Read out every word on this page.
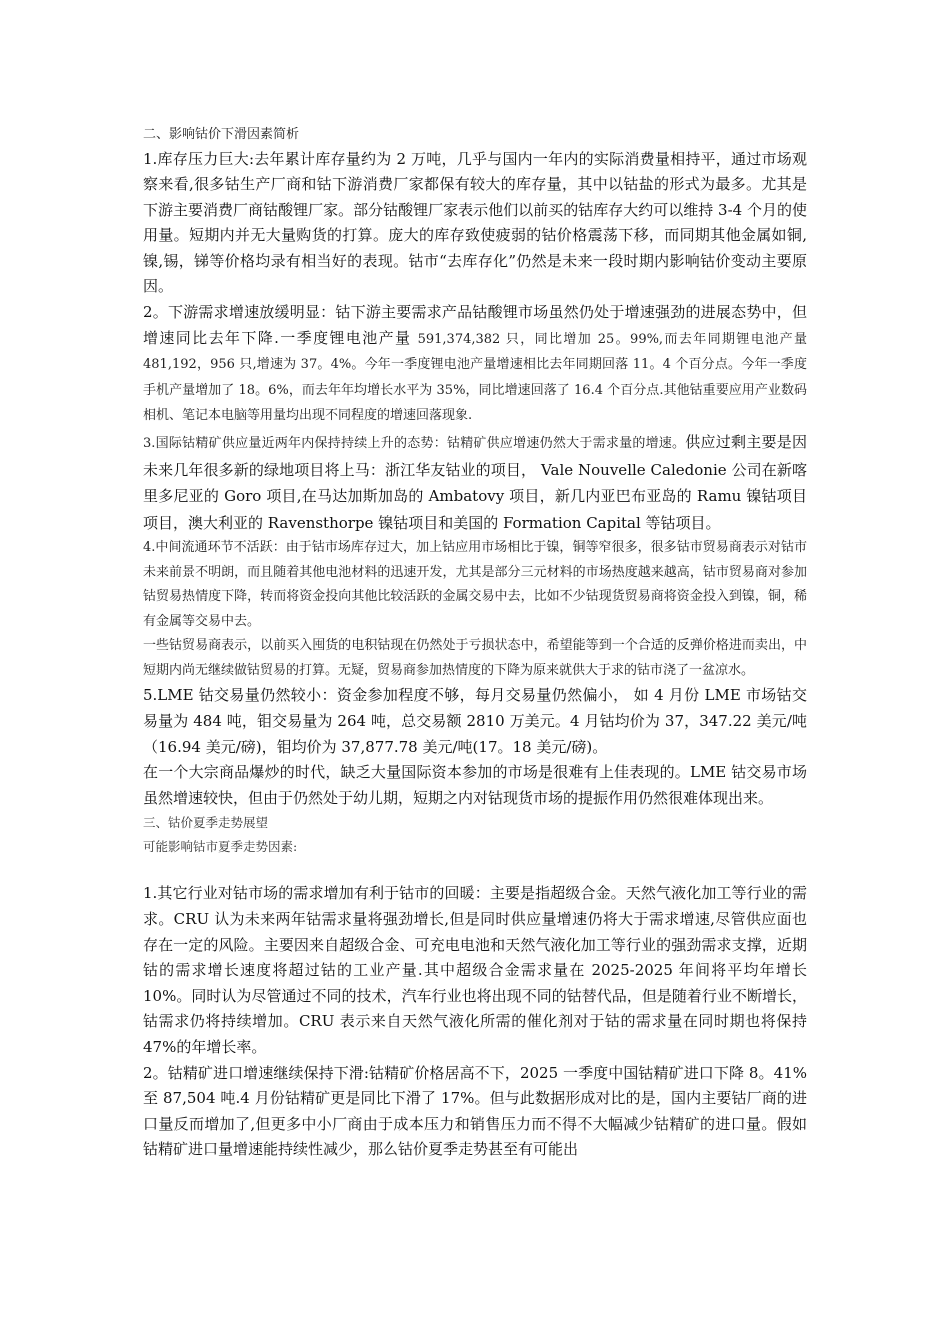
二、影响钴价下滑因素简析

1.库存压力巨大:去年累计库存量约为 2 万吨，几乎与国内一年内的实际消费量相持平，通过市场观察来看,很多钴生产厂商和钴下游消费厂家都保有较大的库存量，其中以钴盐的形式为最多。尤其是下游主要消费厂商钴酸锂厂家。部分钴酸锂厂家表示他们以前买的钴库存大约可以维持 3-4 个月的使用量。短期内并无大量购货的打算。庞大的库存致使疲弱的钴价格震荡下移，而同期其他金属如铜,镍,锡，锑等价格均录有相当好的表现。钴市“去库存化”仍然是未来一段时期内影响钴价变动主要原因。

2。下游需求增速放缓明显：钴下游主要需求产品钴酸锂市场虽然仍处于增速强劲的进展态势中，但增速同比去年下降.一季度锂电池产量 591,374,382 只，同比增加 25。99%,而去年同期锂电池产量 481,192，956 只,增速为 37。4%。今年一季度锂电池产量增速相比去年同期回落 11。4 个百分点。今年一季度手机产量增加了 18。6%，而去年年均增长水平为 35%，同比增速回落了 16.4 个百分点.其他钴重要应用产业数码相机、笔记本电脑等用量均出现不同程度的增速回落现象.

3.国际钴精矿供应量近两年内保持持续上升的态势：钴精矿供应增速仍然大于需求量的增速。供应过剩主要是因未来几年很多新的绿地项目将上马：浙江华友钴业的项目， Vale Nouvelle Caledonie 公司在新喀里多尼亚的 Goro 项目,在马达加斯加岛的 Ambatovy 项目，新几内亚巴布亚岛的 Ramu 镍钴项目项目，澳大利亚的 Ravensthorpe 镍钴项目和美国的 Formation Capital 等钴项目。

4.中间流通环节不活跃：由于钴市场库存过大，加上钴应用市场相比于镍，铜等窄很多，很多钴市贸易商表示对钴市未来前景不明朗，而且随着其他电池材料的迅速开发，尤其是部分三元材料的市场热度越来越高，钴市贸易商对参加钴贸易热情度下降，转而将资金投向其他比较活跃的金属交易中去，比如不少钴现货贸易商将资金投入到镍，铜，稀有金属等交易中去。

一些钴贸易商表示，以前买入囤货的电积钴现在仍然处于亏损状态中，希望能等到一个合适的反弹价格进而卖出，中短期内尚无继续做钴贸易的打算。无疑，贸易商参加热情度的下降为原来就供大于求的钴市浇了一盆凉水。

5.LME 钴交易量仍然较小：资金参加程度不够，每月交易量仍然偏小， 如 4 月份 LME 市场钴交易量为 484 吨，钼交易量为 264 吨，总交易额 2810 万美元。4 月钴均价为 37，347.22 美元/吨（16.94 美元/磅)，钼均价为 37,877.78 美元/吨(17。18 美元/磅)。

在一个大宗商品爆炒的时代，缺乏大量国际资本参加的市场是很难有上佳表现的。LME 钴交易市场虽然增速较快，但由于仍然处于幼儿期，短期之内对钴现货市场的提振作用仍然很难体现出来。

三、钴价夏季走势展望

可能影响钴市夏季走势因素:

1.其它行业对钴市场的需求增加有利于钴市的回暖：主要是指超级合金。天然气液化加工等行业的需求。CRU 认为未来两年钴需求量将强劲增长,但是同时供应量增速仍将大于需求增速,尽管供应面也存在一定的风险。主要因来自超级合金、可充电电池和天然气液化加工等行业的强劲需求支撑，近期钴的需求增长速度将超过钴的工业产量.其中超级合金需求量在 2025-2025 年间将平均年增长 10%。同时认为尽管通过不同的技术，汽车行业也将出现不同的钴替代品，但是随着行业不断增长，钴需求仍将持续增加。CRU 表示来自天然气液化所需的催化剂对于钴的需求量在同时期也将保持 47%的年增长率。

2。钴精矿进口增速继续保持下滑:钴精矿价格居高不下，2025 一季度中国钴精矿进口下降 8。41%至 87,504 吨.4 月份钴精矿更是同比下滑了 17%。但与此数据形成对比的是，国内主要钴厂商的进口量反而增加了,但更多中小厂商由于成本压力和销售压力而不得不大幅减少钴精矿的进口量。假如钴精矿进口量增速能持续性减少，那么钴价夏季走势甚至有可能出
